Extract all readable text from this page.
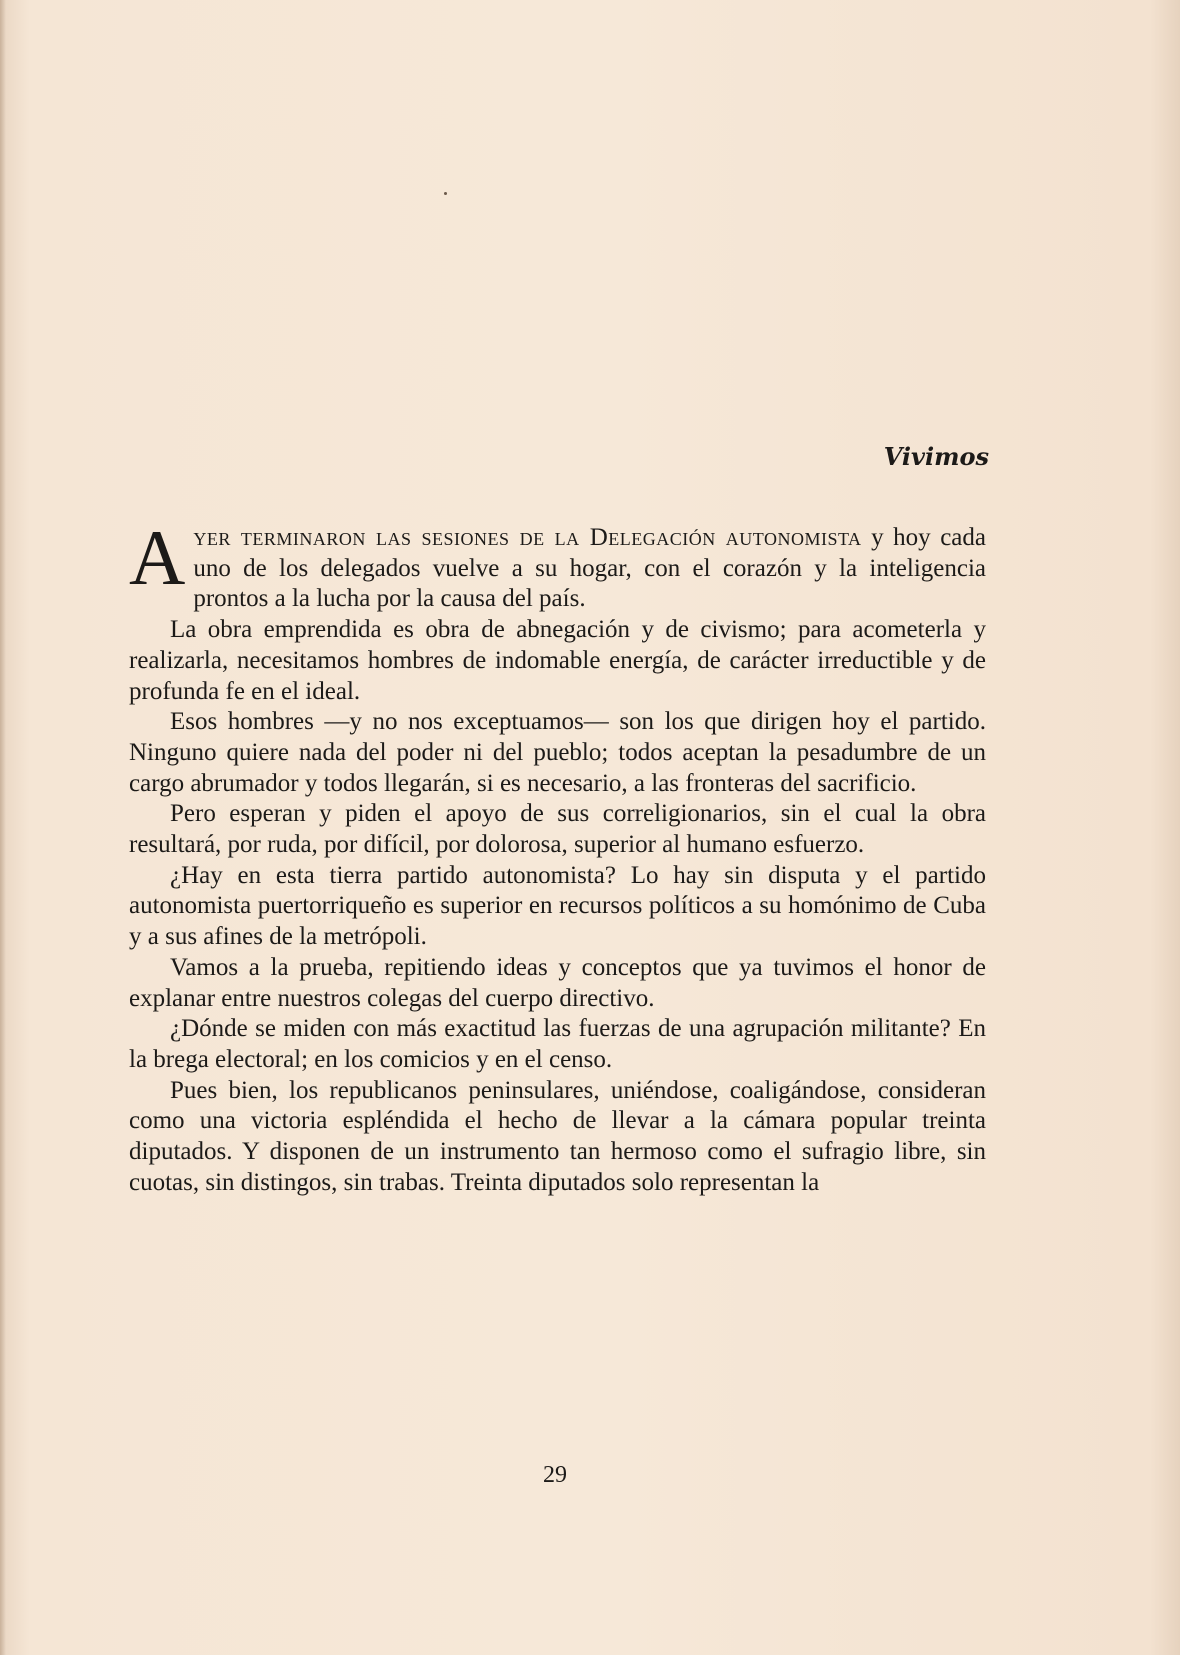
Vivimos

Ayer terminaron las sesiones de la Delegación autonomista y hoy cada uno de los delegados vuelve a su hogar, con el corazón y la inteligencia prontos a la lucha por la causa del país.

La obra emprendida es obra de abnegación y de civismo; para acometerla y realizarla, necesitamos hombres de indomable energía, de carácter irreductible y de profunda fe en el ideal.

Esos hombres —y no nos exceptuamos— son los que dirigen hoy el partido. Ninguno quiere nada del poder ni del pueblo; todos aceptan la pesadumbre de un cargo abrumador y todos llegarán, si es necesario, a las fronteras del sacrificio.

Pero esperan y piden el apoyo de sus correligionarios, sin el cual la obra resultará, por ruda, por difícil, por dolorosa, superior al humano esfuerzo.

¿Hay en esta tierra partido autonomista? Lo hay sin disputa y el partido autonomista puertorriqueño es superior en recursos políticos a su homónimo de Cuba y a sus afines de la metrópoli.

Vamos a la prueba, repitiendo ideas y conceptos que ya tuvimos el honor de explanar entre nuestros colegas del cuerpo directivo.

¿Dónde se miden con más exactitud las fuerzas de una agrupación militante? En la brega electoral; en los comicios y en el censo.

Pues bien, los republicanos peninsulares, uniéndose, coaligándose, consideran como una victoria espléndida el hecho de llevar a la cámara popular treinta diputados. Y disponen de un instrumento tan hermoso como el sufragio libre, sin cuotas, sin distingos, sin trabas. Treinta diputados solo representan la

29
